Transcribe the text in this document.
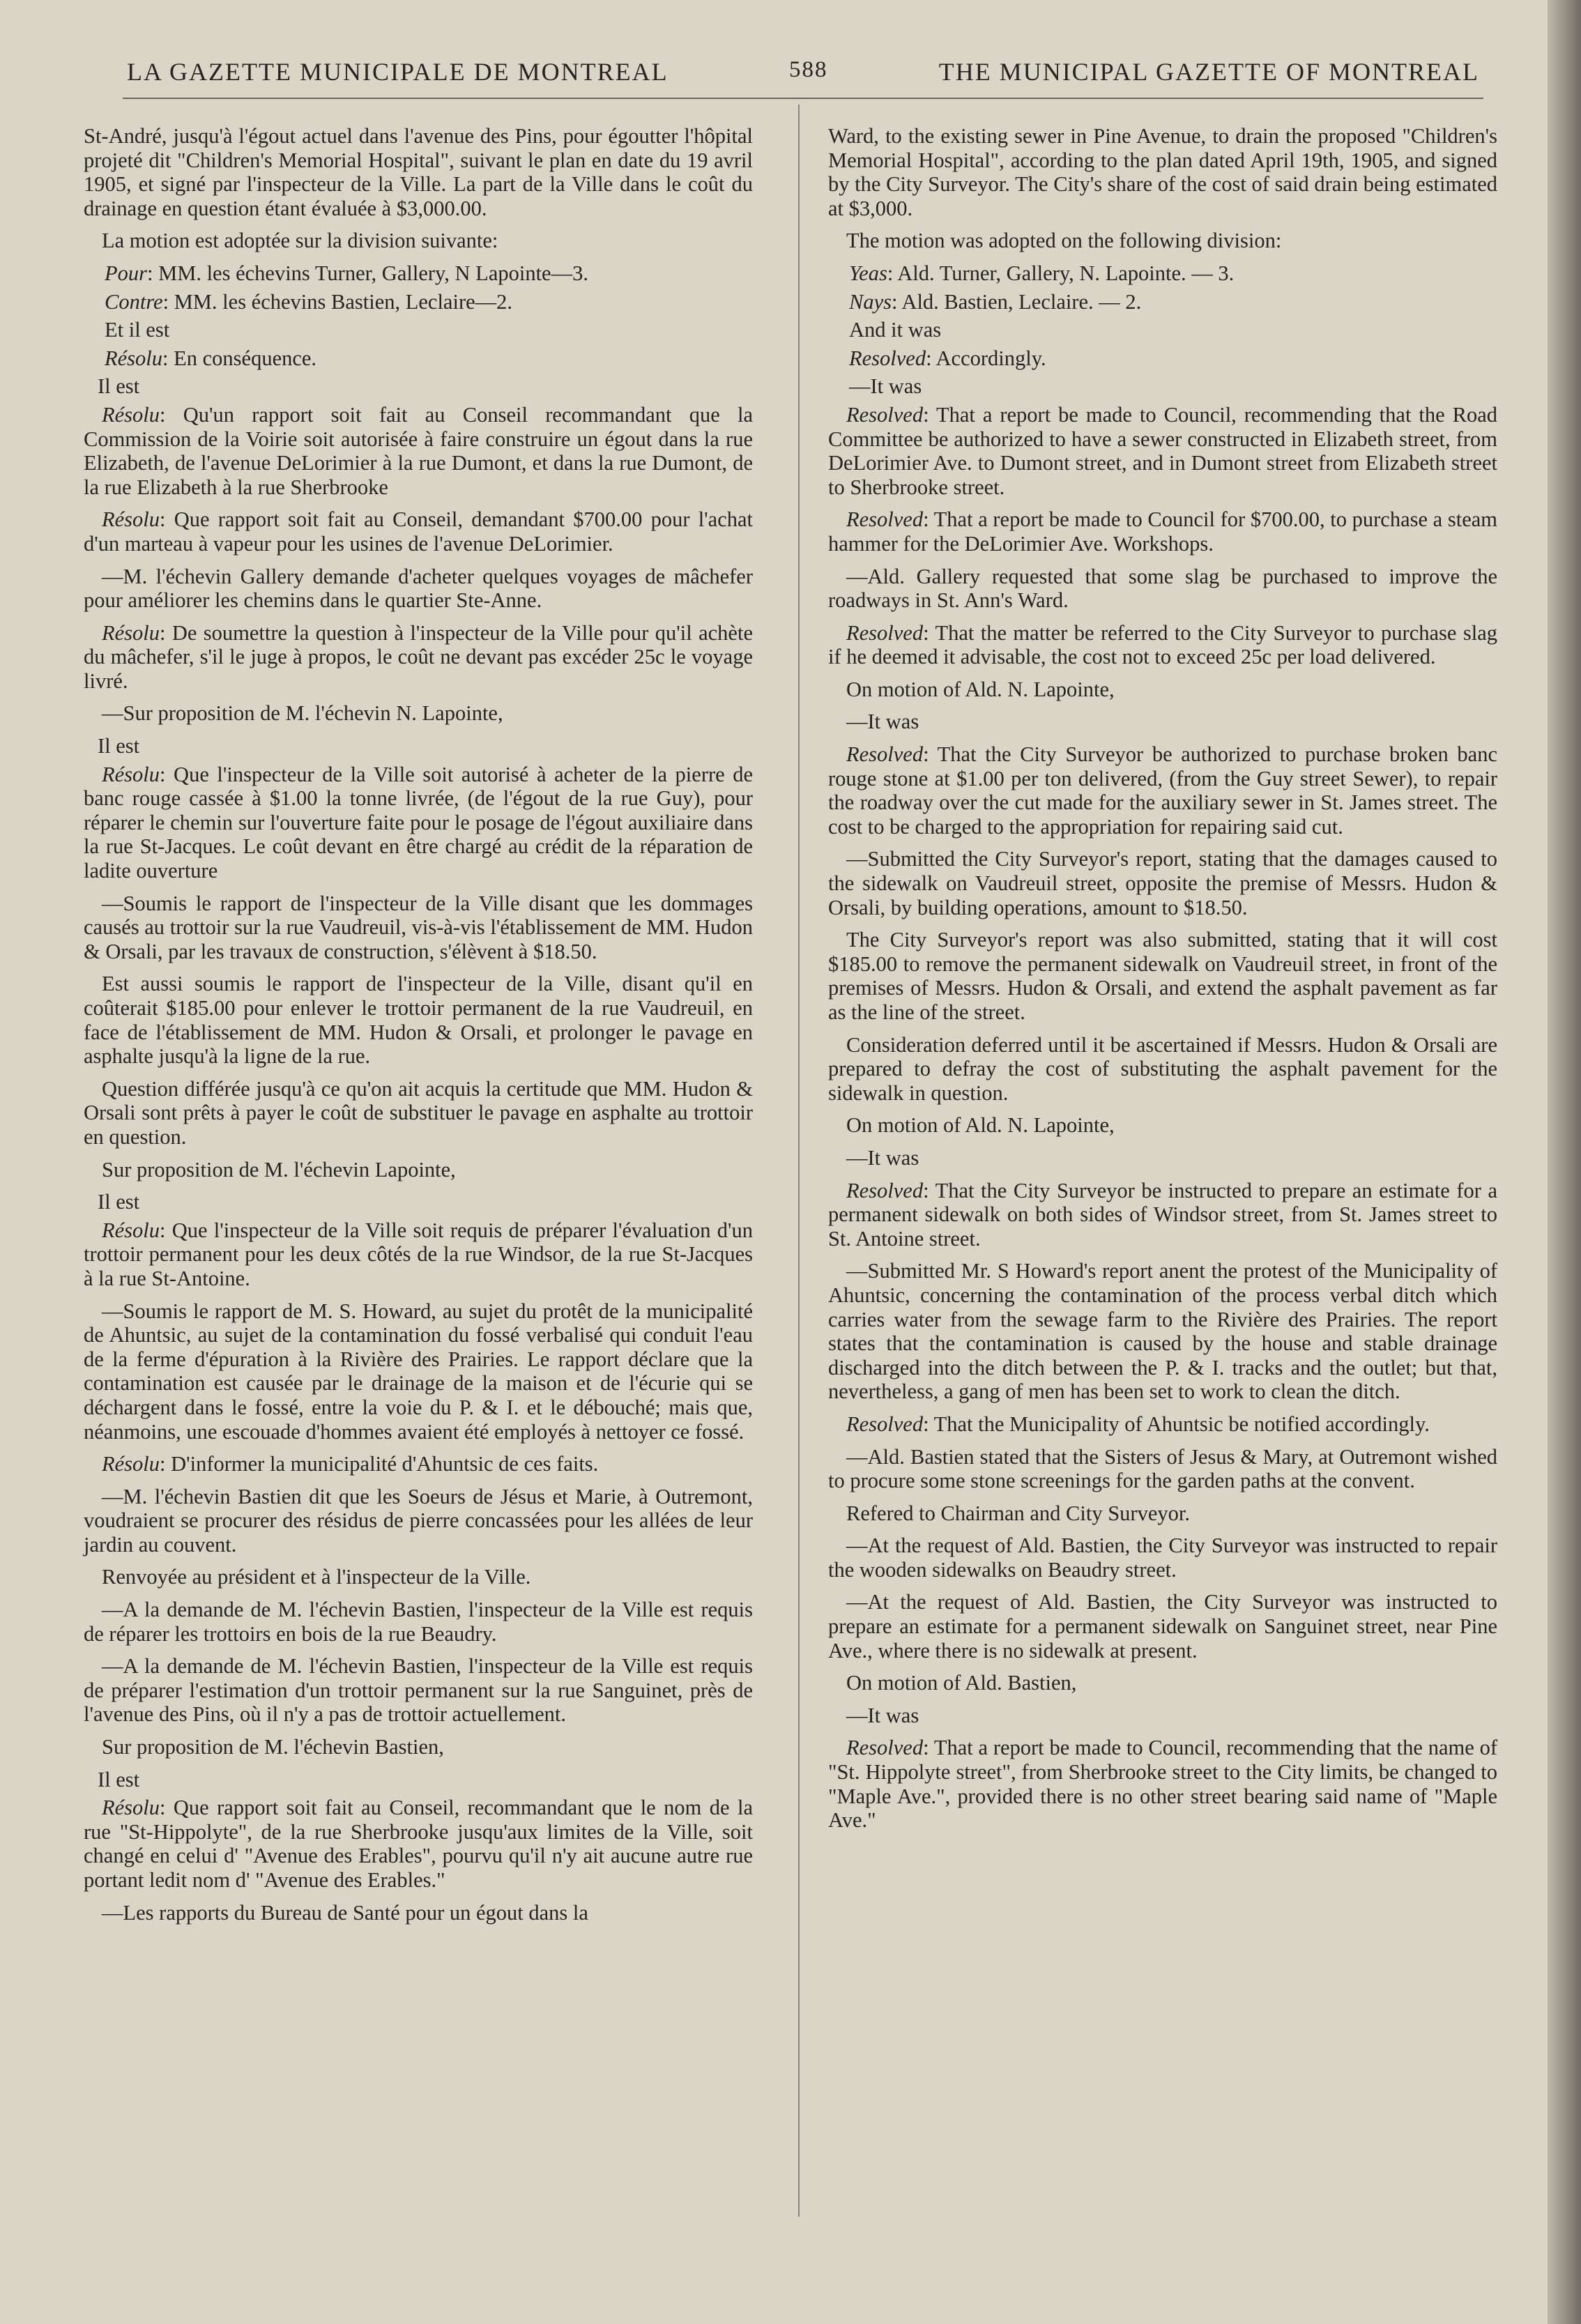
LA GAZETTE MUNICIPALE DE MONTREAL	588	THE MUNICIPAL GAZETTE OF MONTREAL

St-André, jusqu'à l'égout actuel dans l'avenue des Pins, pour égoutter l'hôpital projeté dit "Children's Memorial Hospital", suivant le plan en date du 19 avril 1905, et signé par l'inspecteur de la Ville. La part de la Ville dans le coût du drainage en question étant évaluée à $3,000.00.

La motion est adoptée sur la division suivante:

Pour: MM. les échevins Turner, Gallery, N Lapointe—3.

Contre: MM. les échevins Bastien, Leclaire—2.

Et il est

Résolu: En conséquence.

Il est

Résolu: Qu'un rapport soit fait au Conseil recommandant que la Commission de la Voirie soit autorisée à faire construire un égout dans la rue Elizabeth, de l'avenue DeLorimier à la rue Dumont, et dans la rue Dumont, de la rue Elizabeth à la rue Sherbrooke

Résolu: Que rapport soit fait au Conseil, demandant $700.00 pour l'achat d'un marteau à vapeur pour les usines de l'avenue DeLorimier.

—M. l'échevin Gallery demande d'acheter quelques voyages de mâchefer pour améliorer les chemins dans le quartier Ste-Anne.

Résolu: De soumettre la question à l'inspecteur de la Ville pour qu'il achète du mâchefer, s'il le juge à propos, le coût ne devant pas excéder 25c le voyage livré.

—Sur proposition de M. l'échevin N. Lapointe,

Il est

Résolu: Que l'inspecteur de la Ville soit autorisé à acheter de la pierre de banc rouge cassée à $1.00 la tonne livrée, (de l'égout de la rue Guy), pour réparer le chemin sur l'ouverture faite pour le posage de l'égout auxiliaire dans la rue St-Jacques. Le coût devant en être chargé au crédit de la réparation de ladite ouverture

—Soumis le rapport de l'inspecteur de la Ville disant que les dommages causés au trottoir sur la rue Vaudreuil, vis-à-vis l'établissement de MM. Hudon & Orsali, par les travaux de construction, s'élèvent à $18.50.

Est aussi soumis le rapport de l'inspecteur de la Ville, disant qu'il en coûterait $185.00 pour enlever le trottoir permanent de la rue Vaudreuil, en face de l'établissement de MM. Hudon & Orsali, et prolonger le pavage en asphalte jusqu'à la ligne de la rue.

Question différée jusqu'à ce qu'on ait acquis la certitude que MM. Hudon & Orsali sont prêts à payer le coût de substituer le pavage en asphalte au trottoir en question.

Sur proposition de M. l'échevin Lapointe,

Il est

Résolu: Que l'inspecteur de la Ville soit requis de préparer l'évaluation d'un trottoir permanent pour les deux côtés de la rue Windsor, de la rue St-Jacques à la rue St-Antoine.

—Soumis le rapport de M. S. Howard, au sujet du protêt de la municipalité de Ahuntsic, au sujet de la contamination du fossé verbalisé qui conduit l'eau de la ferme d'épuration à la Rivière des Prairies. Le rapport déclare que la contamination est causée par le drainage de la maison et de l'écurie qui se déchargent dans le fossé, entre la voie du P. & I. et le débouché; mais que, néanmoins, une escouade d'hommes avaient été employés à nettoyer ce fossé.

Résolu: D'informer la municipalité d'Ahuntsic de ces faits.

—M. l'échevin Bastien dit que les Soeurs de Jésus et Marie, à Outremont, voudraient se procurer des résidus de pierre concassées pour les allées de leur jardin au couvent.

Renvoyée au président et à l'inspecteur de la Ville.

—A la demande de M. l'échevin Bastien, l'inspecteur de la Ville est requis de réparer les trottoirs en bois de la rue Beaudry.

—A la demande de M. l'échevin Bastien, l'inspecteur de la Ville est requis de préparer l'estimation d'un trottoir permanent sur la rue Sanguinet, près de l'avenue des Pins, où il n'y a pas de trottoir actuellement.

Sur proposition de M. l'échevin Bastien,

Il est

Résolu: Que rapport soit fait au Conseil, recommandant que le nom de la rue "St-Hippolyte", de la rue Sherbrooke jusqu'aux limites de la Ville, soit changé en celui d' "Avenue des Erables", pourvu qu'il n'y ait aucune autre rue portant ledit nom d' "Avenue des Erables."

—Les rapports du Bureau de Santé pour un égout dans la

Ward, to the existing sewer in Pine Avenue, to drain the proposed "Children's Memorial Hospital", according to the plan dated April 19th, 1905, and signed by the City Surveyor. The City's share of the cost of said drain being estimated at $3,000.

The motion was adopted on the following division:

Yeas: Ald. Turner, Gallery, N. Lapointe. — 3.

Nays: Ald. Bastien, Leclaire. — 2.

And it was

Resolved: Accordingly.

—It was

Resolved: That a report be made to Council, recommending that the Road Committee be authorized to have a sewer constructed in Elizabeth street, from DeLorimier Ave. to Dumont street, and in Dumont street from Elizabeth street to Sherbrooke street.

Resolved: That a report be made to Council for $700.00, to purchase a steam hammer for the DeLorimier Ave. Workshops.

—Ald. Gallery requested that some slag be purchased to improve the roadways in St. Ann's Ward.

Resolved: That the matter be referred to the City Surveyor to purchase slag if he deemed it advisable, the cost not to exceed 25c per load delivered.

On motion of Ald. N. Lapointe,

—It was

Resolved: That the City Surveyor be authorized to purchase broken banc rouge stone at $1.00 per ton delivered, (from the Guy street Sewer), to repair the roadway over the cut made for the auxiliary sewer in St. James street. The cost to be charged to the appropriation for repairing said cut.

—Submitted the City Surveyor's report, stating that the damages caused to the sidewalk on Vaudreuil street, opposite the premise of Messrs. Hudon & Orsali, by building operations, amount to $18.50.

The City Surveyor's report was also submitted, stating that it will cost $185.00 to remove the permanent sidewalk on Vaudreuil street, in front of the premises of Messrs. Hudon & Orsali, and extend the asphalt pavement as far as the line of the street.

Consideration deferred until it be ascertained if Messrs. Hudon & Orsali are prepared to defray the cost of substituting the asphalt pavement for the sidewalk in question.

On motion of Ald. N. Lapointe,

—It was

Resolved: That the City Surveyor be instructed to prepare an estimate for a permanent sidewalk on both sides of Windsor street, from St. James street to St. Antoine street.

—Submitted Mr. S Howard's report anent the protest of the Municipality of Ahuntsic, concerning the contamination of the process verbal ditch which carries water from the sewage farm to the Rivière des Prairies. The report states that the contamination is caused by the house and stable drainage discharged into the ditch between the P. & I. tracks and the outlet; but that, nevertheless, a gang of men has been set to work to clean the ditch.

Resolved: That the Municipality of Ahuntsic be notified accordingly.

—Ald. Bastien stated that the Sisters of Jesus & Mary, at Outremont wished to procure some stone screenings for the garden paths at the convent.

Refered to Chairman and City Surveyor.

—At the request of Ald. Bastien, the City Surveyor was instructed to repair the wooden sidewalks on Beaudry street.

—At the request of Ald. Bastien, the City Surveyor was instructed to prepare an estimate for a permanent sidewalk on Sanguinet street, near Pine Ave., where there is no sidewalk at present.

On motion of Ald. Bastien,

—It was

Resolved: That a report be made to Council, recommending that the name of "St. Hippolyte street", from Sherbrooke street to the City limits, be changed to "Maple Ave.", provided there is no other street bearing said name of "Maple Ave."
